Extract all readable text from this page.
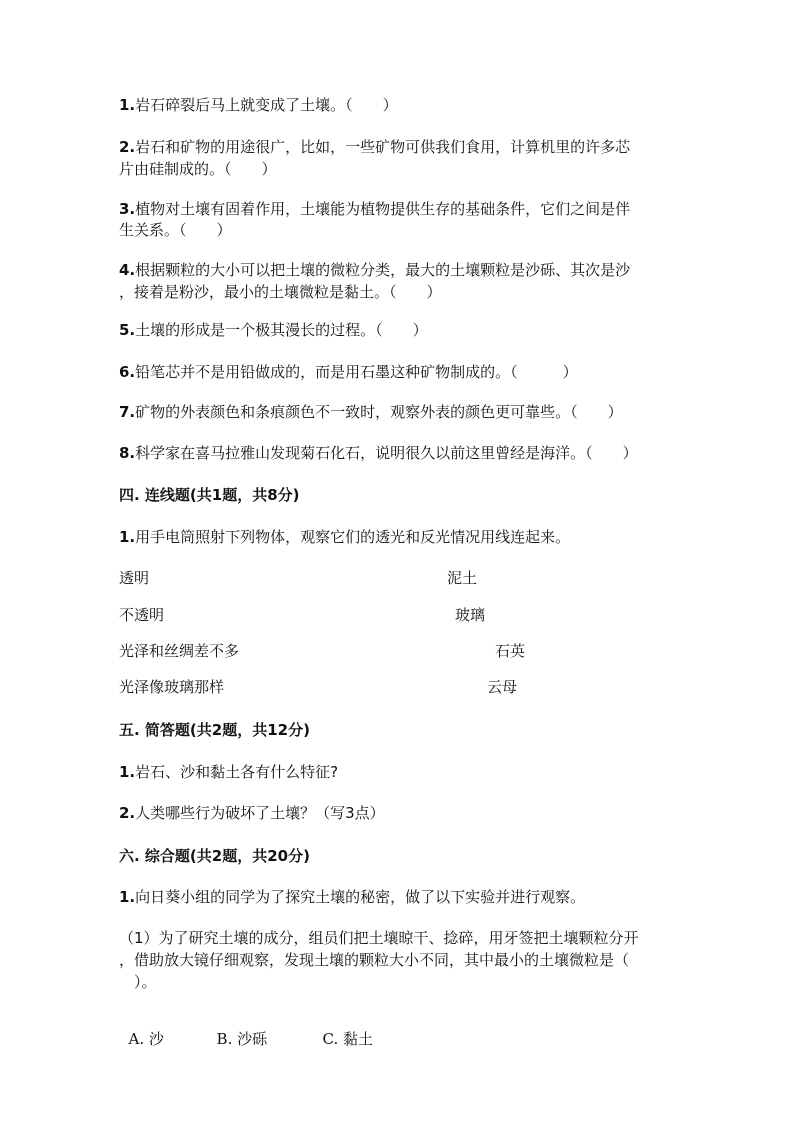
1.岩石碎裂后马上就变成了土壤。（　　）
2.岩石和矿物的用途很广，比如，一些矿物可供我们食用，计算机里的许多芯
片由硅制成的。（　　）
3.植物对土壤有固着作用，土壤能为植物提供生存的基础条件，它们之间是伴
生关系。（　　）
4.根据颗粒的大小可以把土壤的微粒分类，最大的土壤颗粒是沙砾、其次是沙
，接着是粉沙，最小的土壤微粒是黏土。（　　）
5.土壤的形成是一个极其漫长的过程。（　　）
6.铅笔芯并不是用铅做成的，而是用石墨这种矿物制成的。（　　　）
7.矿物的外表颜色和条痕颜色不一致时，观察外表的颜色更可靠些。（　　）
8.科学家在喜马拉雅山发现菊石化石，说明很久以前这里曾经是海洋。（　　）
四. 连线题(共1题，共8分)
1.用手电筒照射下列物体，观察它们的透光和反光情况用线连起来。
透明
不透明
光泽和丝绸差不多
光泽像玻璃那样
泥土
玻璃
石英
云母
五. 简答题(共2题，共12分)
1.岩石、沙和黏土各有什么特征?
2.人类哪些行为破坏了土壤？（写3点）
六. 综合题(共2题，共20分)
1.向日葵小组的同学为了探究土壤的秘密，做了以下实验并进行观察。
（1）为了研究土壤的成分，组员们把土壤晾干、捻碎，用牙签把土壤颗粒分开
，借助放大镜仔细观察，发现土壤的颗粒大小不同，其中最小的土壤微粒是（
　）。

A. 沙	B. 沙砾	C. 黏土
